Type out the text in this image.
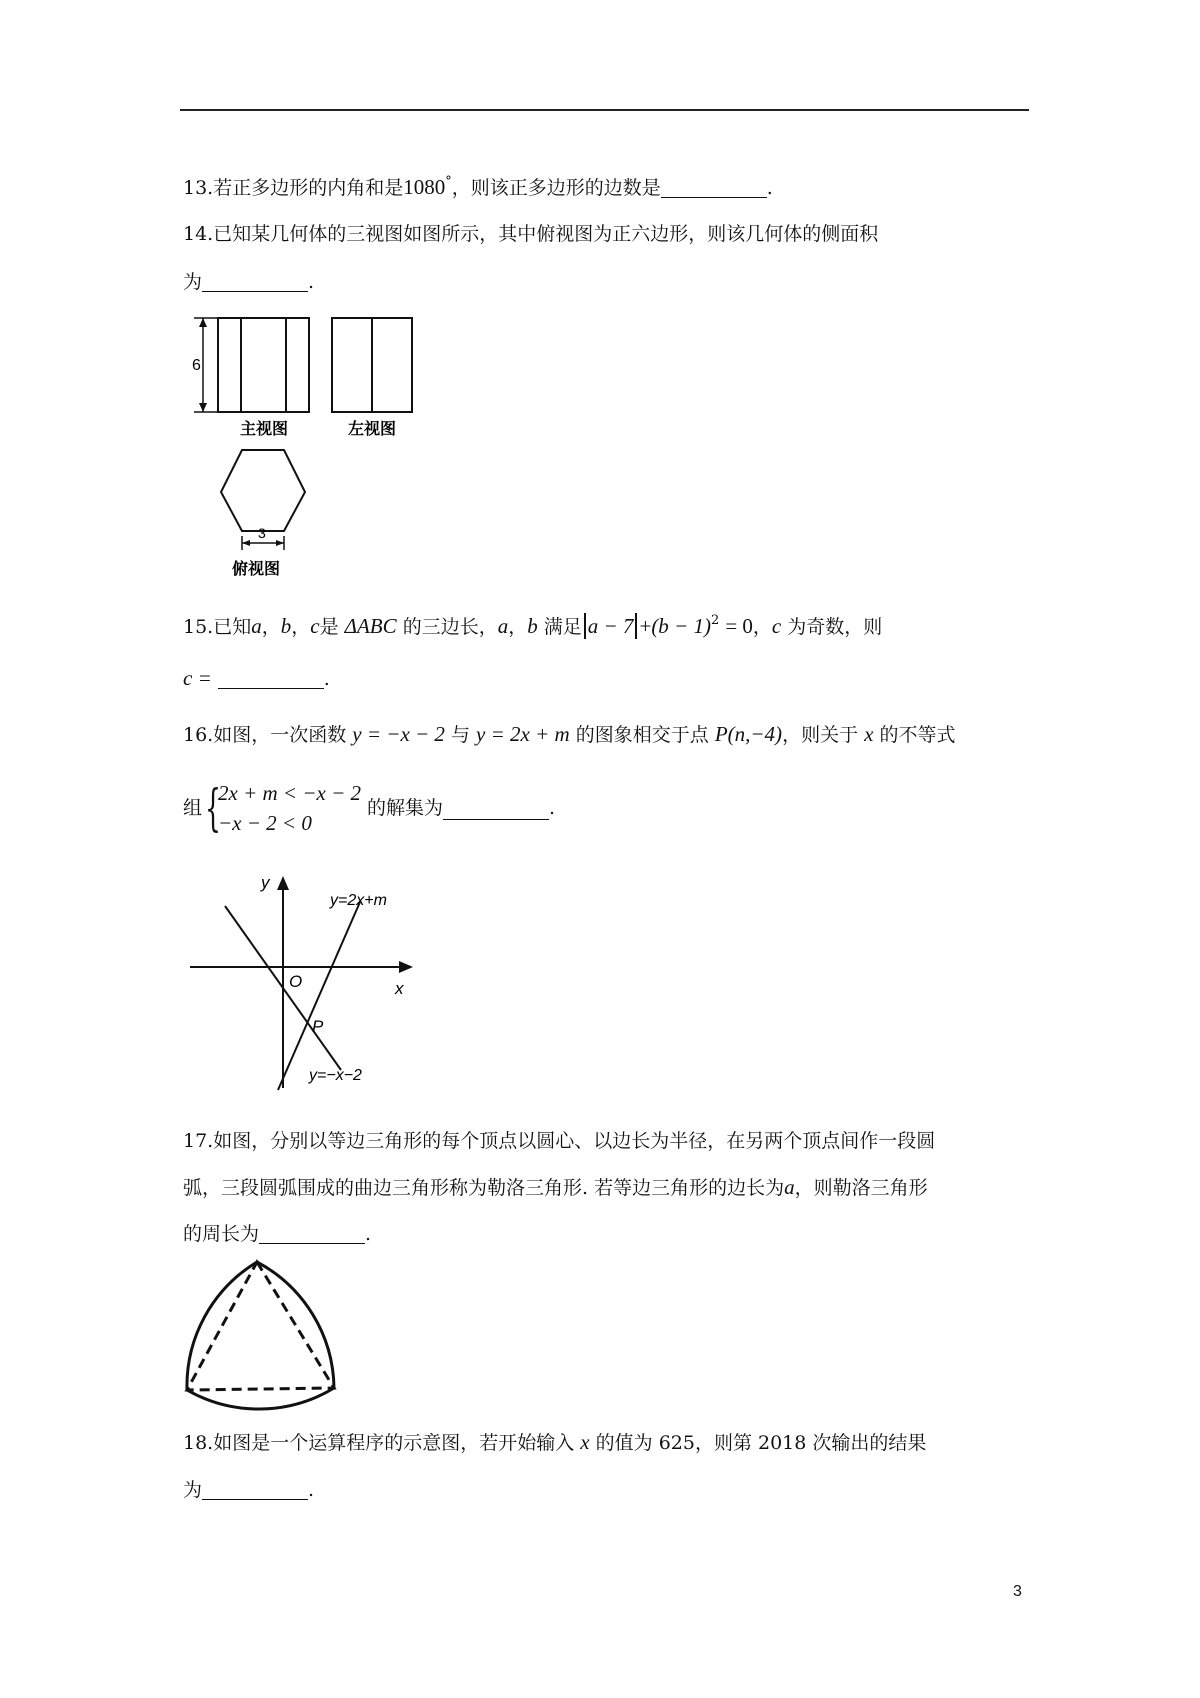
13.若正多边形的内角和是1080°，则该正多边形的边数是	.
14.已知某几何体的三视图如图所示，其中俯视图为正六边形，则该几何体的侧面积
为	.
6
主视图	左视图
3
俯视图
15.已知a，b，c是 ΔABC 的三边长，a，b 满足 $a - 7 +(b - 1)^2 = 0$，c 为奇数，则
c =	.
16.如图，一次函数 y = −x − 2 与 y = 2x + m 的图象相交于点 P(n,−4)，则关于 x 的不等式
组 {
2x + m < −x − 2
−x − 2 < 0
的解集为	.
y
x
O
y=2x+m
P
y=−x−2
17.如图，分别以等边三角形的每个顶点以圆心、以边长为半径，在另两个顶点间作一段圆
弧，三段圆弧围成的曲边三角形称为勒洛三角形. 若等边三角形的边长为a，则勒洛三角形
的周长为	.
18.如图是一个运算程序的示意图，若开始输入 x 的值为 625，则第 2018 次输出的结果
为	.
3
